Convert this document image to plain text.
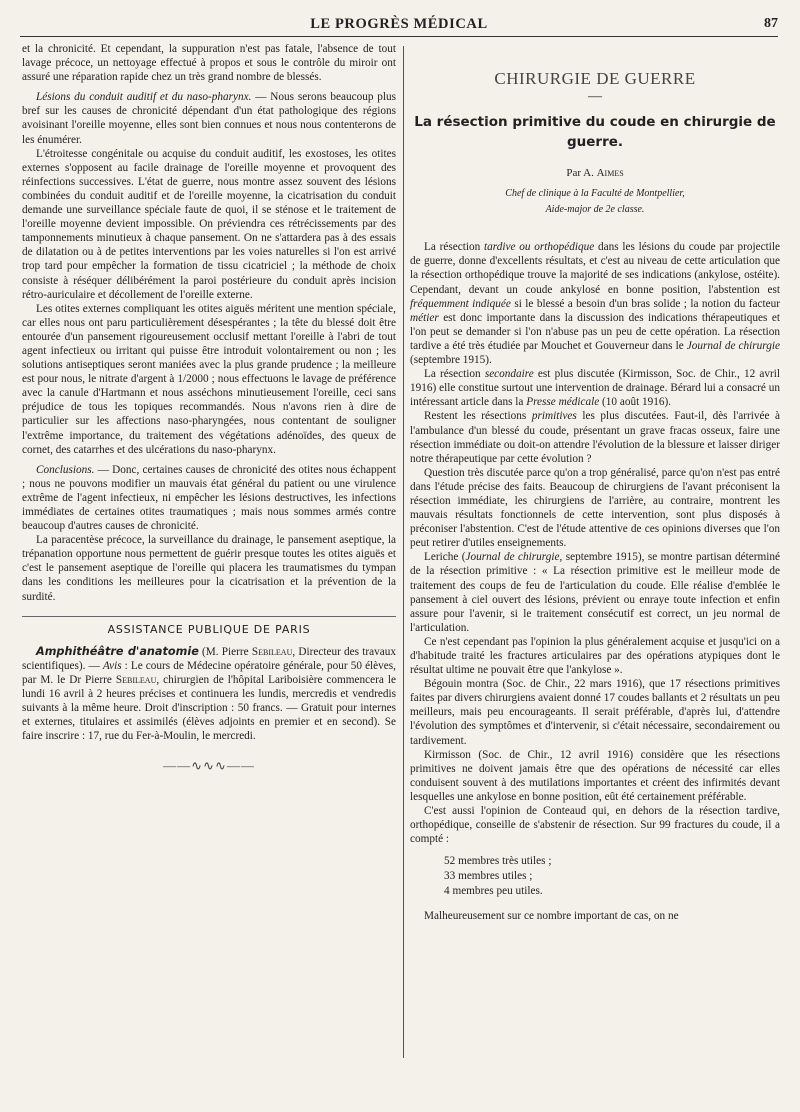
LE PROGRÈS MÉDICAL	87

et la chronicité. Et cependant, la suppuration n'est pas fatale, l'absence de tout lavage précoce, un nettoyage effectué à propos et sous le contrôle du miroir ont assuré une réparation rapide chez un très grand nombre de blessés.

Lésions du conduit auditif et du naso-pharynx. — Nous serons beaucoup plus bref sur les causes de chronicité dépendant d'un état pathologique des régions avoisinant l'oreille moyenne, elles sont bien connues et nous nous contenterons de les énumérer.

L'étroitesse congénitale ou acquise du conduit auditif, les exostoses, les otites externes s'opposent au facile drainage de l'oreille moyenne et provoquent des réinfections successives. L'état de guerre, nous montre assez souvent des lésions combinées du conduit auditif et de l'oreille moyenne, la cicatrisation du conduit demande une surveillance spéciale faute de quoi, il se sténose et le traitement de l'oreille moyenne devient impossible. On préviendra ces rétrécissements par des tamponnements minutieux à chaque pansement. On ne s'attardera pas à des essais de dilatation ou à de petites interventions par les voies naturelles si l'on est arrivé trop tard pour empêcher la formation de tissu cicatriciel ; la méthode de choix consiste à réséquer délibérément la paroi postérieure du conduit après incision rétro-auriculaire et décollement de l'oreille externe.

Les otites externes compliquant les otites aiguës méritent une mention spéciale, car elles nous ont paru particulièrement désespérantes ; la tête du blessé doit être entourée d'un pansement rigoureusement occlusif mettant l'oreille à l'abri de tout agent infectieux ou irritant qui puisse être introduit volontairement ou non ; les solutions antiseptiques seront maniées avec la plus grande prudence ; la meilleure est pour nous, le nitrate d'argent à 1/2000 ; nous effectuons le lavage de préférence avec la canule d'Hartmann et nous asséchons minutieusement l'oreille, ceci sans préjudice de tous les topiques recommandés. Nous n'avons rien à dire de particulier sur les affections naso-pharyngées, nous contentant de souligner l'extrême importance, du traitement des végétations adénoïdes, des queux de cornet, des catarrhes et des ulcérations du naso-pharynx.

Conclusions. — Donc, certaines causes de chronicité des otites nous échappent ; nous ne pouvons modifier un mauvais état général du patient ou une virulence extrême de l'agent infectieux, ni empêcher les lésions destructives, les infections immédiates de certaines otites traumatiques ; mais nous sommes armés contre beaucoup d'autres causes de chronicité.

La paracentèse précoce, la surveillance du drainage, le pansement aseptique, la trépanation opportune nous permettent de guérir presque toutes les otites aiguës et c'est le pansement aseptique de l'oreille qui placera les traumatismes du tympan dans les conditions les meilleures pour la cicatrisation et la prévention de la surdité.

ASSISTANCE PUBLIQUE DE PARIS

Amphithéâtre d'anatomie (M. Pierre Sebileau, Directeur des travaux scientifiques). — Avis : Le cours de Médecine opératoire générale, pour 50 élèves, par M. le Dr Pierre Sebileau, chirurgien de l'hôpital Lariboisière commencera le lundi 16 avril à 2 heures précises et continuera les lundis, mercredis et vendredis suivants à la même heure. Droit d'inscription : 50 francs. — Gratuit pour internes et externes, titulaires et assimilés (élèves adjoints en premier et en second). Se faire inscrire : 17, rue du Fer-à-Moulin, le mercredi.

——∿∿∿——
CHIRURGIE DE GUERRE
—
La résection primitive du coude en chirurgie de guerre.
Par A. Aimes
Chef de clinique à la Faculté de Montpellier,
Aide-major de 2e classe.

La résection tardive ou orthopédique dans les lésions du coude par projectile de guerre, donne d'excellents résultats, et c'est au niveau de cette articulation que la résection orthopédique trouve la majorité de ses indications (ankylose, ostéite). Cependant, devant un coude ankylosé en bonne position, l'abstention est fréquemment indiquée si le blessé a besoin d'un bras solide ; la notion du facteur métier est donc importante dans la discussion des indications thérapeutiques et l'on peut se demander si l'on n'abuse pas un peu de cette opération. La résection tardive a été très étudiée par Mouchet et Gouverneur dans le Journal de chirurgie (septembre 1915).

La résection secondaire est plus discutée (Kirmisson, Soc. de Chir., 12 avril 1916) elle constitue surtout une intervention de drainage. Bérard lui a consacré un intéressant article dans la Presse médicale (10 août 1916).

Restent les résections primitives les plus discutées. Faut-il, dès l'arrivée à l'ambulance d'un blessé du coude, présentant un grave fracas osseux, faire une résection immédiate ou doit-on attendre l'évolution de la blessure et laisser diriger notre thérapeutique par cette évolution ?

Question très discutée parce qu'on a trop généralisé, parce qu'on n'est pas entré dans l'étude précise des faits. Beaucoup de chirurgiens de l'avant préconisent la résection immédiate, les chirurgiens de l'arrière, au contraire, montrent les mauvais résultats fonctionnels de cette intervention, sont plus disposés à préconiser l'abstention. C'est de l'étude attentive de ces opinions diverses que l'on peut retirer d'utiles enseignements.

Leriche (Journal de chirurgie, septembre 1915), se montre partisan déterminé de la résection primitive : « La résection primitive est le meilleur mode de traitement des coups de feu de l'articulation du coude. Elle réalise d'emblée le pansement à ciel ouvert des lésions, prévient ou enraye toute infection et enfin assure pour l'avenir, si le traitement consécutif est correct, un jeu normal de l'articulation.

Ce n'est cependant pas l'opinion la plus généralement acquise et jusqu'ici on a d'habitude traité les fractures articulaires par des opérations atypiques dont le résultat ultime ne pouvait être que l'ankylose ».

Bégouin montra (Soc. de Chir., 22 mars 1916), que 17 résections primitives faites par divers chirurgiens avaient donné 17 coudes ballants et 2 résultats un peu meilleurs, mais peu encourageants. Il serait préférable, d'après lui, d'attendre l'évolution des symptômes et d'intervenir, si c'était nécessaire, secondairement ou tardivement.

Kirmisson (Soc. de Chir., 12 avril 1916) considère que les résections primitives ne doivent jamais être que des opérations de nécessité car elles conduisent souvent à des mutilations importantes et créent des infirmités devant lesquelles une ankylose en bonne position, eût été certainement préférable.

C'est aussi l'opinion de Conteaud qui, en dehors de la résection tardive, orthopédique, conseille de s'abstenir de résection. Sur 99 fractures du coude, il a compté :

52 membres très utiles ;
33 membres utiles ;
4 membres peu utiles.

Malheureusement sur ce nombre important de cas, on ne
